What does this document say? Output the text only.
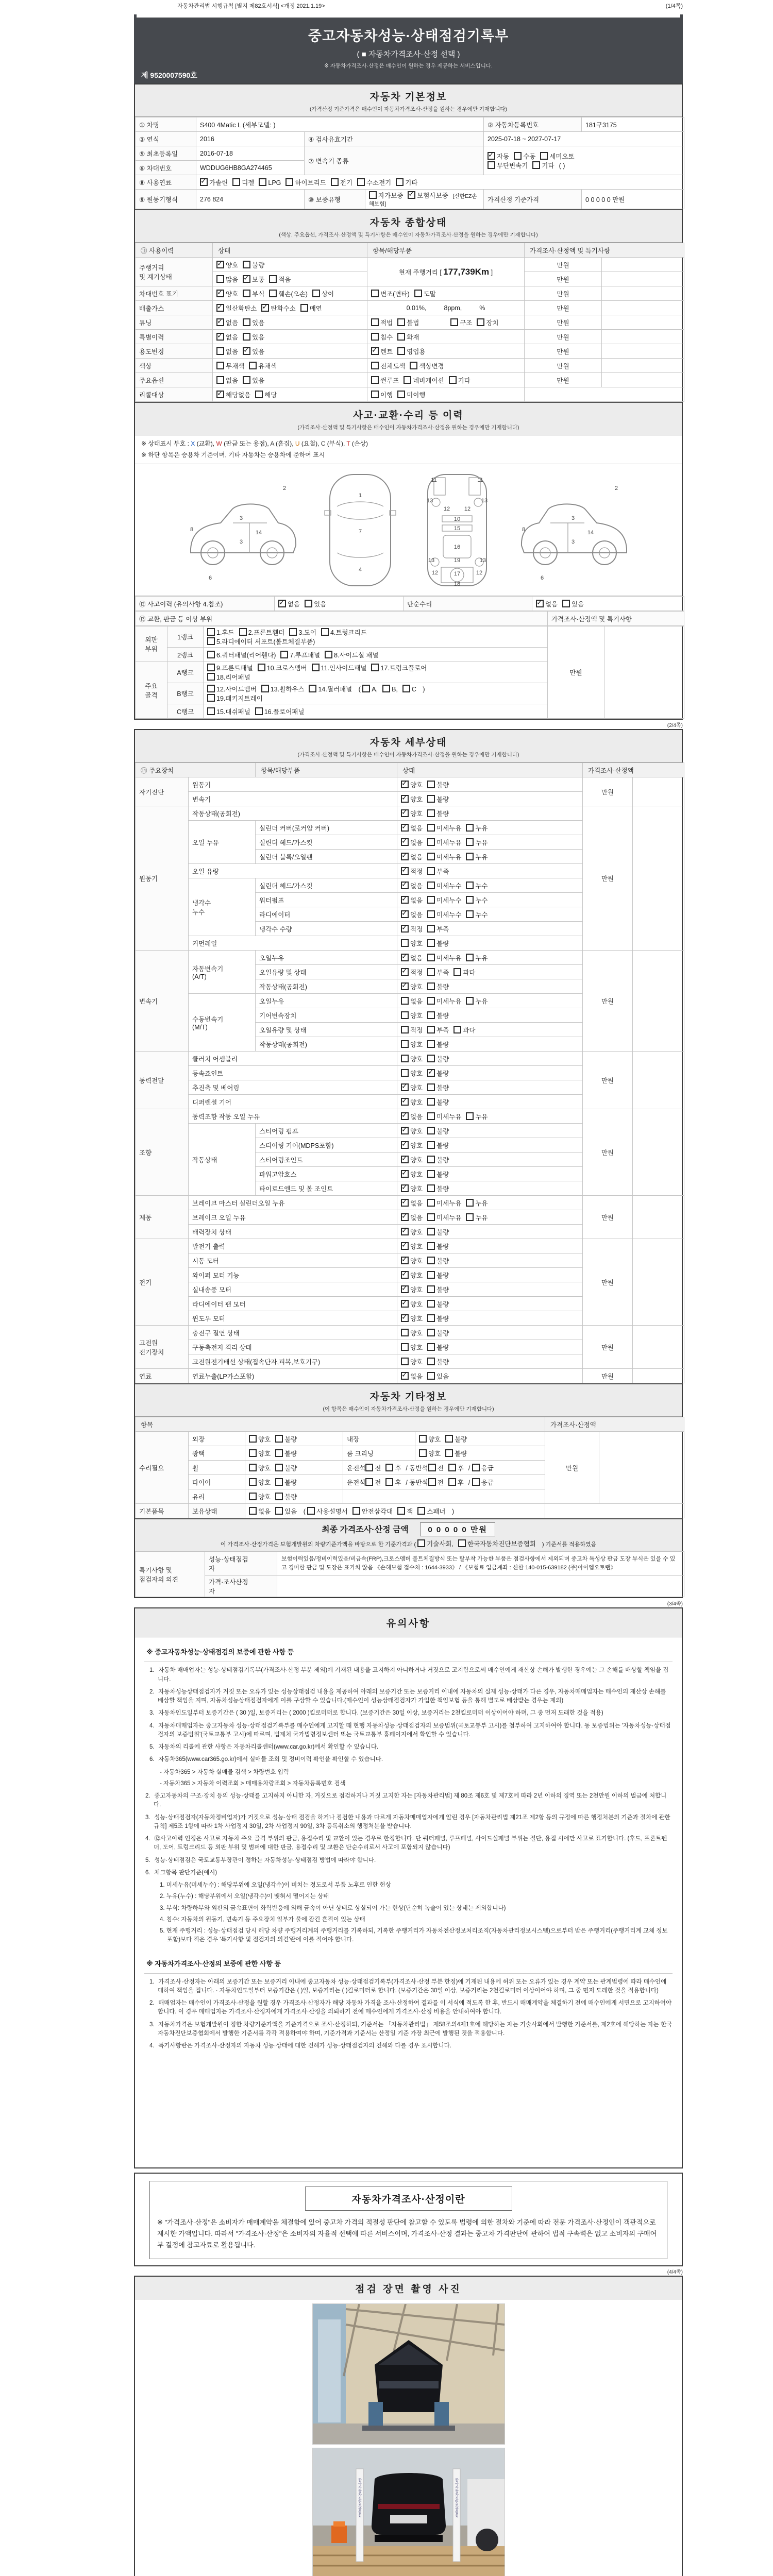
자동차관리법 시행규칙 [별지 제82호서식] <개정 2021.1.19>	(1/4쪽)
중고자동차성능·상태점검기록부
( ■ 자동차가격조사·산정 선택 )
※ 자동차가격조사·산정은 매수인이 원하는 경우 제공하는 서비스입니다.
제 9520007590호
자동차 기본정보
(가격산정 기준가격은 매수인이 자동차가격조사·산정을 원하는 경우에만 기재합니다)
① 차명	S400 4Matic L (세부모델: )			② 자동차등록번호	181구3175
③ 연식	2016	④ 검사유효기간		2025-07-18 ~ 2027-07-17	
⑤ 최초등록일	2016-07-18	⑦ 변속기 종류	✓자동 수동 세미오토
무단변속기 기타 ( )
⑥ 차대번호	WDDUG6HB8GA274465				
⑧ 사용연료	✓가솔린 디젤 LPG 하이브리드 전기 수소전기 기타
⑨ 원동기형식	276 824	⑩ 보증유형	자가보증 ✓ 보험사보증 [신한EZ손해보험]	가격산정 기준가격	0 0 0 0 0 만원
자동차 종합상태
(색상, 주요옵션, 가격조사·산정액 및 특기사항은 매수인이 자동차가격조사·산정을 원하는 경우에만 기재합니다)
⑪ 사용이력	상태	항목/해당부품	가격조사·산정액 및 특기사항	
주행거리
및 계기상태	✓양호 불량	현재 주행거리 [ 177,739Km ]	만원	
	많음 ✓ 보통 적음		만원	
차대번호 표기	✓양호 부식 훼손(오손) 상이	변조(변타) 도말	만원	
배출가스	✓일산화탄소 ✓ 탄화수소 매연	0.01%, 8ppm, %	만원	
튜닝	✓없음 있음	적법 불법 구조 장치	만원	
특별이력	✓없음 있음	침수 화재	만원	
용도변경	없음 ✓ 있음	✓렌트 영업용	만원	
색상	무채색 유채색	전체도색 색상변경	만원	
주요옵션	없음 있음	썬루프 네비게이션 기타	만원	
리콜대상	✓해당없음 해당	이행 미이행		
사고·교환·수리 등 이력
(가격조사·산정액 및 특기사항은 매수인이 자동차가격조사·산정을 원하는 경우에만 기재합니다)
※ 상태표시 부호 : X (교환), W (판금 또는 용접), A (흠집), U (요철), C (부식), T (손상)
※ 하단 항목은 승용차 기준이며, 기타 자동차는 승용차에 준하여 표시
2
8
3
14
3
6
1
7
4
11	11
13
12	12
13
10
15
16
13	19	13
12	17	12
18
2
8
3
14
3
6
⑫ 사고이력 (유의사항 4.참조)	✓없음 있음	단순수리	✓없음 있음
⑬ 교환, 판금 등 이상 부위	가격조사·산정액 및 특기사항
외판
부위	1랭크	1.후드 2.프론트휀더 3.도어 4.트렁크리드
5.라디에이터 서포트(볼트체결부품)	만원	
	2랭크	6.쿼터패널(리어휀다) 7.루프패널 8.사이드실 패널		
주요
골격	A랭크	9.프론트패널 10.크로스멤버 11.인사이드패널 17.트렁크플로어
18.리어패널		
	B랭크	12.사이드멤버 13.휠하우스 14.필러패널 ( A, B, C )
19.패키지트레이		
	C랭크	15.대쉬패널 16.플로어패널		
(2/4쪽)
자동차 세부상태
(가격조사·산정액 및 특기사항은 매수인이 자동차가격조사·산정을 원하는 경우에만 기재합니다)
⑭ 주요장치		항목/해당부품	상태	가격조사·산정액	
자기진단	원동기	✓양호 불량	만원	
	변속기	✓양호 불량
원동기	작동상태(공회전)	✓양호 불량	만원	
	오일 누유	실린더 커버(로커암 커버)	✓없음 미세누유 누유
		실린더 헤드/가스킷	✓없음 미세누유 누유
		실린더 블록/오일팬	✓없음 미세누유 누유
	오일 유량	✓적정 부족
	냉각수
누수	실린더 헤드/가스킷	✓없음 미세누수 누수
		워터펌프	✓없음 미세누수 누수
		라디에이터	✓없음 미세누수 누수
		냉각수 수량	✓적정 부족
	커먼레일		양호 불량		
변속기	자동변속기
(A/T)	오일누유	✓없음 미세누유 누유	만원	
		오일유량 및 상태	✓적정 부족 과다
		작동상태(공회전)	✓양호 불량
	수동변속기
(M/T)	오일누유	없음 미세누유 누유		
		기어변속장치	양호 불량		
		오일유량 및 상태	적정 부족 과다		
		작동상태(공회전)	양호 불량		
동력전달	클러치 어셈블리		양호 불량	만원	
	등속죠인트		양호 ✓ 불량
	추진축 및 베어링	✓양호 불량
	디퍼렌셜 기어	✓양호 불량
조향	동력조향 작동 오일 누유	✓없음 미세누유 누유	만원	
	작동상태	스티어링 펌프	✓양호 불량
		스티어링 기어(MDPS포함)	✓양호 불량
		스티어링조인트	✓양호 불량
		파워고압호스	✓양호 불량
		타이로드엔드 및 볼 조인트	✓양호 불량
제동	브레이크 마스터 실린더오일 누유	✓없음 미세누유 누유	만원	
	브레이크 오일 누유	✓없음 미세누유 누유
	배력장치 상태	✓양호 불량
전기	발전기 출력	✓양호 불량	만원	
	시동 모터	✓양호 불량
	와이퍼 모터 기능	✓양호 불량
	실내송풍 모터	✓양호 불량
	라디에이터 팬 모터	✓양호 불량
	윈도우 모터	✓양호 불량
고전원
전기장치	충전구 절연 상태		양호 불량	만원	
	구동축전지 격리 상태		양호 불량		
	고전원전기배선 상태(접속단자,피복,보호기구)		양호 불량		
연료	연료누출(LP가스포함)	✓없음 있음	만원	
자동차 기타정보
(이 항목은 매수인이 자동차가격조사·산정을 원하는 경우에만 기재합니다)
항목					가격조사·산정액	
수리필요	외장	양호 불량	내장	양호 불량	만원	
	광택	양호 불량	룸 크리닝	양호 불량		
	휠	양호 불량	운전석 전 후 / 동반석 전 후 / 응급			
	타이어	양호 불량	운전석 전 후 / 동반석 전 후 / 응급			
	유리	양호 불량				
기본품목	보유상태	없음 있음 ( 사용설명서 안전삼각대 잭 스패너 )				
최종 가격조사·산정 금액 0 0 0 0 0 만원
이 가격조사·산정가격은 보험개발원의 차량기준가액을 바탕으로 한 기준가격과 ( 기술사회, 한국자동차진단보증협회 ) 기준서를 적용하였음
특기사항 및
점검자의 의견	성능·상태점검
자	보험이력있음/정비이력있음/비금속(FRP),크로스멤버 볼트체결방식 또는 탈부착 가능한 부품은 점검사항에서 제외되며 중고차 특성상 판금 도장 부식은 있을 수 있고 경미한 판금 및 도장은 표기치 않음 《손해보험 접수처 : 1644-3933》 / 《보험료 입금계좌 : 신한 140-015-639182 (주)아이엠오토랩》
	가격·조사산정
자	
(3/4쪽)
유의사항
※ 중고자동차성능·상태점검의 보증에 관한 사항 등
1. 자동차 매매업자는 성능·상태점검기록부(가격조사·산정 부분 제외)에 기재된 내용을 고지하지 아니하거나 거짓으로 고지함으로써 매수인에게 재산상 손해가 발생한 경우에는 그 손해를 배상할 책임을 집니다.
2. 자동차성능상태점검자가 거짓 또는 오류가 있는 성능상태점검 내용을 제공하여 아래의 보증기간 또는 보증거리 이내에 자동차의 실제 성능·상태가 다른 경우, 자동차매매업자는 매수인의 재산상 손해를 배상할 책임을 지며, 자동차성능상태점검자에게 이를 구상할 수 있습니다.(매수인이 성능상태점검자가 가입한 책임보험 등을 통해 별도로 배상받는 경우는 제외)
3. 자동차인도일부터 보증기간은 ( 30 )일, 보증거리는 ( 2000 )킬로미터로 합니다. (보증기간은 30일 이상, 보증거리는 2천킬로미터 이상이어야 하며, 그 중 먼저 도래한 것을 적용)
4. 자동차매매업자는 중고자동차 성능·상태점검기록부를 매수인에게 고지할 때 현행 자동차성능·상태점검자의 보증범위(국토교통부 고시)를 첨부하여 고지하여야 합니다. 동 보증범위는 '자동차성능·상태점검자의 보증범위'(국토교통부 고시)에 따르며, 법제처 국가법령정보센터 또는 국토교통부 홈페이지에서 확인할 수 있습니다.
5. 자동차의 리콜에 관한 사항은 자동차리콜센터(www.car.go.kr)에서 확인할 수 있습니다.
6. 자동차365(www.car365.go.kr)에서 실매물 조회 및 정비이력 확인을 확인할 수 있습니다.
- 자동차365 > 자동차 실매물 검색 > 차량번호 입력
- 자동차365 > 자동차 이력조회 > 매매용차량조회 > 자동차등록번호 검색
2. 중고자동차의 구조·장치 등의 성능·상태를 고지하지 아니한 자, 거짓으로 점검하거나 거짓 고지한 자는 [자동차관리법] 제 80조 제6호 및 제7호에 따라 2년 이하의 징역 또는 2천만원 이하의 벌금에 처합니다.
3. 성능·상태점검자(자동차정비업자)가 거짓으로 성능·상태 점검을 하거나 점검한 내용과 다르게 자동차매매업자에게 알린 경우 [자동차관리법 제21조 제2항 등의 규정에 따른 행정처분의 기준과 절차에 관한 규칙] 제5조 1항에 따라 1차 사업정지 30일, 2차 사업정지 90일, 3차 등록취소의 행정처분을 받습니다.
4. ⑫사고이력 인정은 사고로 자동차 주요 골격 부위의 판금, 용접수리 및 교환이 있는 경우로 한정합니다. 단 쿼터패널, 루프패널, 사이드실패널 부위는 절단, 용접 시에만 사고로 표기합니다. (후드, 프론트펜더, 도어, 트렁크리드 등 외판 부위 및 범퍼에 대한 판금, 용접수리 및 교환은 단순수리로서 사고에 포함되지 않습니다)
5. 성능·상태점검은 국토교통부장관이 정하는 자동차성능·상태점검 방법에 따라야 합니다.
6. 체크항목 판단기준(예시)
1. 미세누유(미세누수) : 해당부위에 오일(냉각수)이 비치는 정도로서 부품 노후로 인한 현상
2. 누유(누수) : 해당부위에서 오일(냉각수)이 맺혀서 떨어지는 상태
3. 부식: 차량하부와 외판의 금속표면이 화학반응에 의해 금속이 아닌 상태로 상실되어 가는 현상(단순히 녹슬어 있는 상태는 제외합니다)
4. 침수: 자동차의 원동기, 변속기 등 주요장치 일부가 물에 잠긴 흔적이 있는 상태
5. 현재 주행거리 : 성능·상태점검 당시 해당 차량 주행거리계의 주행거리를 기록하되, 기록한 주행거리가 자동차전산정보처리조직(자동차관리정보시스템)으로부터 받은 주행거리(주행거리계 교체 정보 포함)보다 적은 경우 '특기사항 및 점검자의 의견'란에 이를 적어야 합니다.
※ 자동차가격조사·산정의 보증에 관한 사항 등
1. 가격조사·산정자는 아래의 보증기간 또는 보증거리 이내에 중고자동차 성능·상태점검기록부(가격조사·산정 부분 한정)에 기재된 내용에 허위 또는 오류가 있는 경우 계약 또는 관계법령에 따라 매수인에 대하여 책임을 집니다. · 자동차인도일부터 보증기간은 ( )일, 보증거리는 ( )킬로미터로 합니다. (보증기간은 30일 이상, 보증거리는 2천킬로미터 이상이어야 하며, 그 중 먼저 도래한 것을 적용합니다)
2. 매매업자는 매수인이 가격조사·산정을 원할 경우 가격조사·산정자가 해당 자동차 가격을 조사·산정하여 결과를 이 서식에 적도록 한 후, 반드시 매매계약을 체결하기 전에 매수인에게 서면으로 고지하여야 합니다. 이 경우 매매업자는 가격조사·산정자에게 가격조사·산정을 의뢰하기 전에 매수인에게 가격조사·산정 비용을 안내하여야 합니다.
3. 자동차가격은 보험개발원이 정한 차량기준가액을 기준가격으로 조사·산정하되, 기준서는 「자동차관리법」 제58조의4제1호에 해당하는 자는 기술사회에서 발행한 기준서를, 제2호에 해당하는 자는 한국자동차진단보증협회에서 발행한 기준서를 각각 적용하여야 하며, 기준가격과 기준서는 산정일 기준 가장 최근에 발행된 것을 적용합니다.
4. 특기사항란은 가격조사·산정자의 자동차 성능·상태에 대한 견해가 성능·상태점검자의 견해와 다를 경우 표시합니다.
자동차가격조사·산정이란
※ "가격조사·산정"은 소비자가 매매계약을 체결함에 있어 중고차 가격의 적절성 판단에 참고할 수 있도록 법령에 의한 절차와 기준에 따라 전문 가격조사·산정인이 객관적으로 제시한 가액입니다. 따라서 "가격조사·산정"은 소비자의 자율적 선택에 따른 서비스이며, 가격조사·산정 결과는 중고차 가격판단에 관하여 법적 구속력은 없고 소비자의 구매여부 결정에 참고자료로 활용됩니다.
(4/4쪽)
점검 장면 촬영 사진
한국자동차진단보증협회	한국자동차진단보증협회
